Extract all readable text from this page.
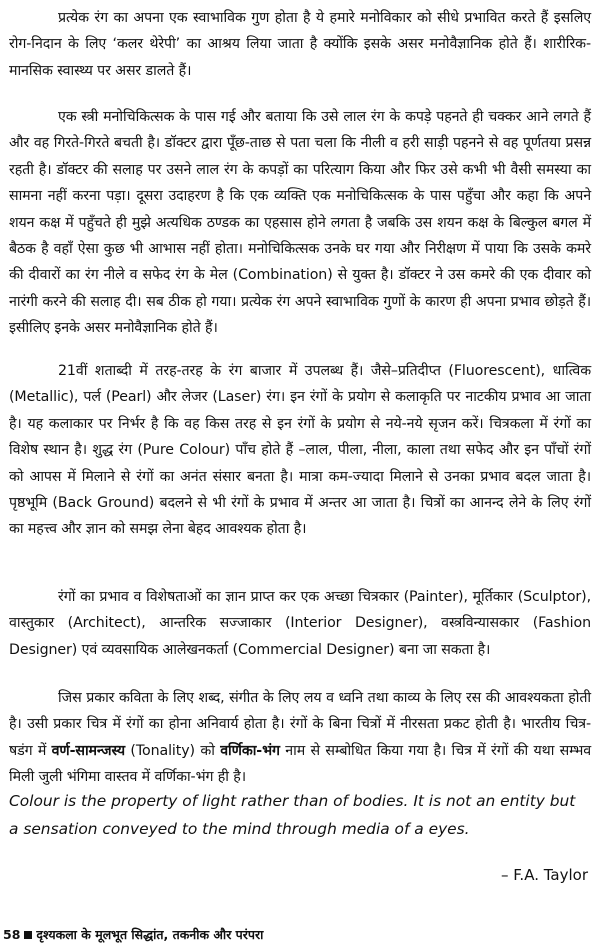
प्रत्येक रंग का अपना एक स्वाभाविक गुण होता है ये हमारे मनोविकार को सीधे प्रभावित करते हैं इसलिए रोग-निदान के लिए ‘कलर थेरेपी’ का आश्रय लिया जाता है क्योंकि इसके असर मनोवैज्ञानिक होते हैं। शारीरिक-मानसिक स्वास्थ्य पर असर डालते हैं।

एक स्त्री मनोचिकित्सक के पास गई और बताया कि उसे लाल रंग के कपड़े पहनते ही चक्कर आने लगते हैं और वह गिरते-गिरते बचती है। डॉक्टर द्वारा पूँछ-ताछ से पता चला कि नीली व हरी साड़ी पहनने से वह पूर्णतया प्रसन्न रहती है। डॉक्टर की सलाह पर उसने लाल रंग के कपड़ों का परित्याग किया और फिर उसे कभी भी वैसी समस्या का सामना नहीं करना पड़ा। दूसरा उदाहरण है कि एक व्यक्ति एक मनोचिकित्सक के पास पहुँचा और कहा कि अपने शयन कक्ष में पहुँचते ही मुझे अत्यधिक ठण्डक का एहसास होने लगता है जबकि उस शयन कक्ष के बिल्कुल बगल में बैठक है वहाँ ऐसा कुछ भी आभास नहीं होता। मनोचिकित्सक उनके घर गया और निरीक्षण में पाया कि उसके कमरे की दीवारों का रंग नीले व सफेद रंग के मेल (Combination) से युक्त है। डॉक्टर ने उस कमरे की एक दीवार को नारंगी करने की सलाह दी। सब ठीक हो गया। प्रत्येक रंग अपने स्वाभाविक गुणों के कारण ही अपना प्रभाव छोड़ते हैं। इसीलिए इनके असर मनोवैज्ञानिक होते हैं।

21वीं शताब्दी में तरह-तरह के रंग बाजार में उपलब्ध हैं। जैसे–प्रतिदीप्त (Fluorescent), धात्विक (Metallic), पर्ल (Pearl) और लेजर (Laser) रंग। इन रंगों के प्रयोग से कलाकृति पर नाटकीय प्रभाव आ जाता है। यह कलाकार पर निर्भर है कि वह किस तरह से इन रंगों के प्रयोग से नये-नये सृजन करें। चित्रकला में रंगों का विशेष स्थान है। शुद्ध रंग (Pure Colour) पाँच होते हैं –लाल, पीला, नीला, काला तथा सफेद और इन पाँचों रंगों को आपस में मिलाने से रंगों का अनंत संसार बनता है। मात्रा कम-ज्यादा मिलाने से उनका प्रभाव बदल जाता है। पृष्ठभूमि (Back Ground) बदलने से भी रंगों के प्रभाव में अन्तर आ जाता है। चित्रों का आनन्द लेने के लिए रंगों का महत्त्व और ज्ञान को समझ लेना बेहद आवश्यक होता है।

रंगों का प्रभाव व विशेषताओं का ज्ञान प्राप्त कर एक अच्छा चित्रकार (Painter), मूर्तिकार (Sculptor), वास्तुकार (Architect), आन्तरिक सज्जाकार (Interior Designer), वस्त्रविन्यासकार (Fashion Designer) एवं व्यवसायिक आलेखनकर्ता (Commercial Designer) बना जा सकता है।

जिस प्रकार कविता के लिए शब्द, संगीत के लिए लय व ध्वनि तथा काव्य के लिए रस की आवश्यकता होती है। उसी प्रकार चित्र में रंगों का होना अनिवार्य होता है। रंगों के बिना चित्रों में नीरसता प्रकट होती है। भारतीय चित्र-षडंग में वर्ण-सामन्जस्य (Tonality) को वर्णिका-भंग नाम से सम्बोधित किया गया है। चित्र में रंगों की यथा सम्भव मिली जुली भंगिमा वास्तव में वर्णिका-भंग ही है।

Colour is the property of light rather than of bodies. It is not an entity but
a sensation conveyed to the mind through media of a eyes.
– F.A. Taylor
58 दृश्यकला के मूलभूत सिद्धांत, तकनीक और परंपरा
